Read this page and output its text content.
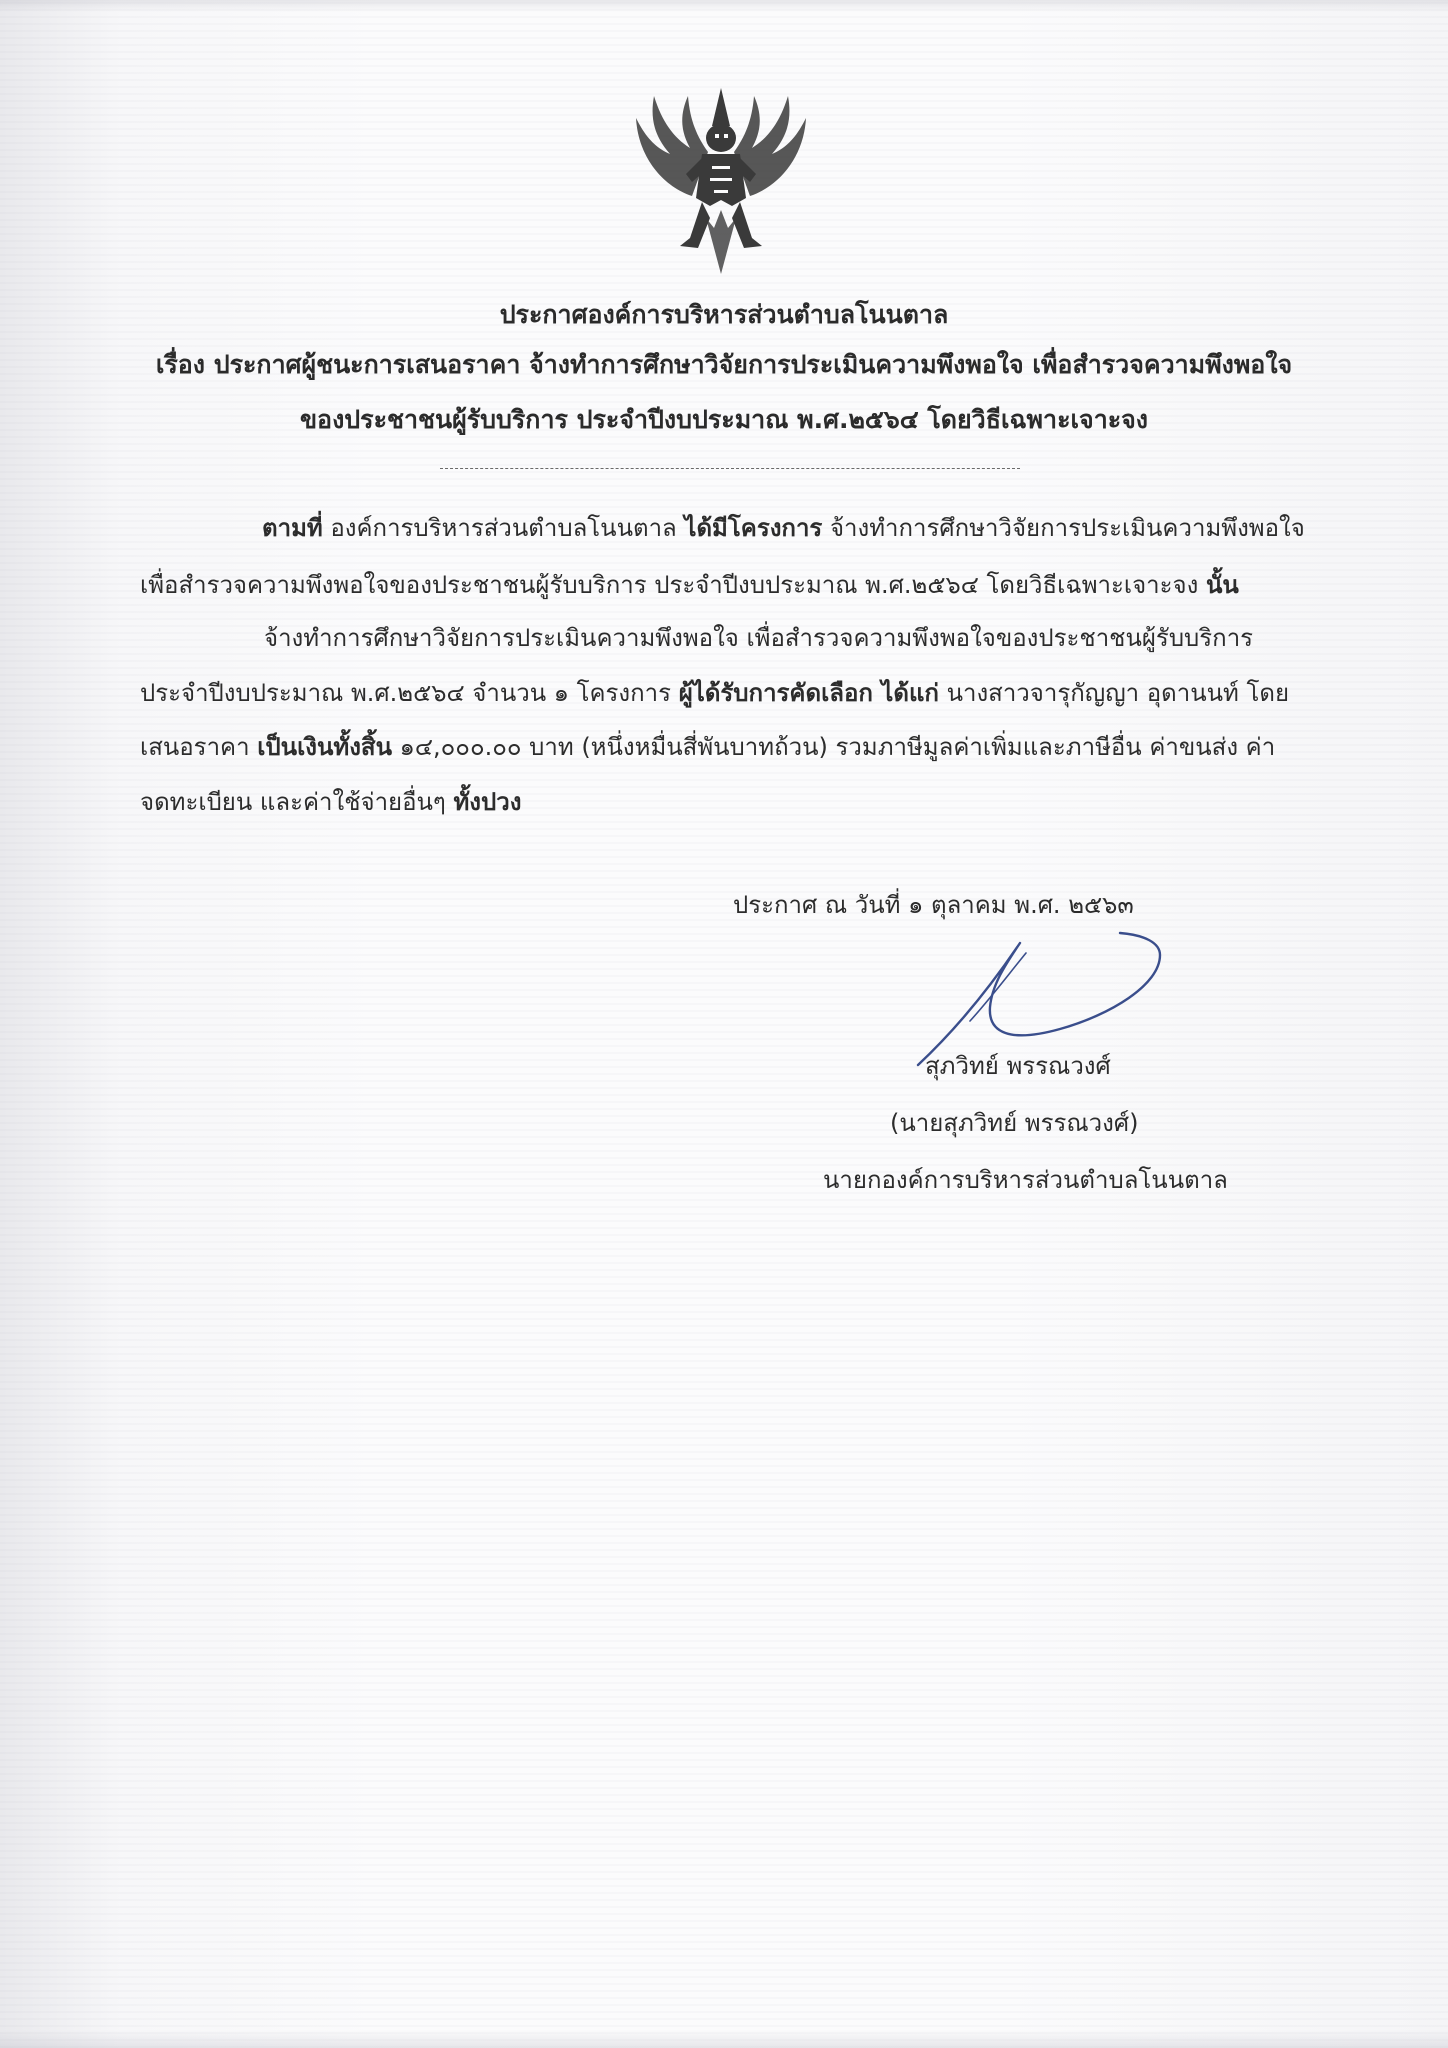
ประกาศองค์การบริหารส่วนตำบลโนนตาล
เรื่อง ประกาศผู้ชนะการเสนอราคา จ้างทำการศึกษาวิจัยการประเมินความพึงพอใจ เพื่อสำรวจความพึงพอใจ
ของประชาชนผู้รับบริการ ประจำปีงบประมาณ พ.ศ.๒๕๖๔ โดยวิธีเฉพาะเจาะจง
ตามที่ องค์การบริหารส่วนตำบลโนนตาล ได้มีโครงการ จ้างทำการศึกษาวิจัยการประเมินความพึงพอใจ
เพื่อสำรวจความพึงพอใจของประชาชนผู้รับบริการ ประจำปีงบประมาณ พ.ศ.๒๕๖๔ โดยวิธีเฉพาะเจาะจง นั้น
จ้างทำการศึกษาวิจัยการประเมินความพึงพอใจ เพื่อสำรวจความพึงพอใจของประชาชนผู้รับบริการ
ประจำปีงบประมาณ พ.ศ.๒๕๖๔ จำนวน ๑ โครงการ ผู้ได้รับการคัดเลือก ได้แก่ นางสาวจารุกัญญา อุดานนท์ โดย
เสนอราคา เป็นเงินทั้งสิ้น ๑๔,๐๐๐.๐๐ บาท (หนึ่งหมื่นสี่พันบาทถ้วน) รวมภาษีมูลค่าเพิ่มและภาษีอื่น ค่าขนส่ง ค่า
จดทะเบียน และค่าใช้จ่ายอื่นๆ ทั้งปวง
ประกาศ ณ วันที่ ๑ ตุลาคม พ.ศ. ๒๕๖๓
สุภวิทย์ พรรณวงศ์
(นายสุภวิทย์ พรรณวงศ์)
นายกองค์การบริหารส่วนตำบลโนนตาล
